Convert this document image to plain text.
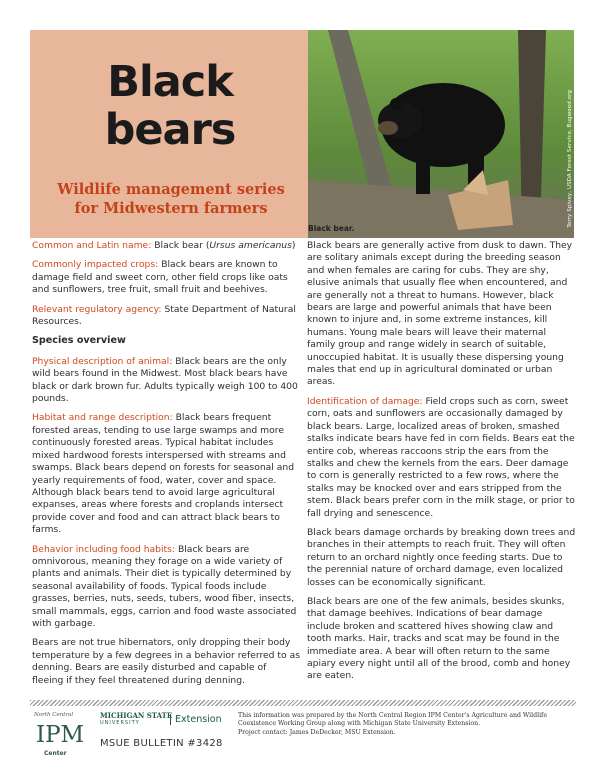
Black
bears
Wildlife management series
for Midwestern farmers	Terry Spivey, USDA Forest Service, Bugwood.org
Black bear.

Common and Latin name: Black bear (Ursus americanus)

Commonly impacted crops: Black bears are known to damage field and sweet corn, other field crops like oats and sunflowers, tree fruit, small fruit and beehives.

Relevant regulatory agency: State Department of Natural Resources.

Species overview

Physical description of animal: Black bears are the only wild bears found in the Midwest. Most black bears have black or dark brown fur. Adults typically weigh 100 to 400 pounds.

Habitat and range description: Black bears frequent forested areas, tending to use large swamps and more continuously forested areas. Typical habitat includes mixed hardwood forests interspersed with streams and swamps. Black bears depend on forests for seasonal and yearly requirements of food, water, cover and space. Although black bears tend to avoid large agricultural expanses, areas where forests and croplands intersect provide cover and food and can attract black bears to farms.

Behavior including food habits: Black bears are omnivorous, meaning they forage on a wide variety of plants and animals. Their diet is typically determined by seasonal availability of foods. Typical foods include grasses, berries, nuts, seeds, tubers, wood fiber, insects, small mammals, eggs, carrion and food waste associated with garbage.

Bears are not true hibernators, only dropping their body temperature by a few degrees in a behavior referred to as denning. Bears are easily disturbed and capable of fleeing if they feel threatened during denning.

Black bears are generally active from dusk to dawn. They are solitary animals except during the breeding season and when females are caring for cubs. They are shy, elusive animals that usually flee when encountered, and are generally not a threat to humans. However, black bears are large and powerful animals that have been known to injure and, in some extreme instances, kill humans. Young male bears will leave their maternal family group and range widely in search of suitable, unoccupied habitat. It is usually these dispersing young males that end up in agricultural dominated or urban areas.

Identification of damage: Field crops such as corn, sweet corn, oats and sunflowers are occasionally damaged by black bears. Large, localized areas of broken, smashed stalks indicate bears have fed in corn fields. Bears eat the entire cob, whereas raccoons strip the ears from the stalks and chew the kernels from the ears. Deer damage to corn is generally restricted to a few rows, where the stalks may be knocked over and ears stripped from the stem. Black bears prefer corn in the milk stage, or prior to fall drying and senescence.

Black bears damage orchards by breaking down trees and branches in their attempts to reach fruit. They will often return to an orchard nightly once feeding starts. Due to the perennial nature of orchard damage, even localized losses can be economically significant.

Black bears are one of the few animals, besides skunks, that damage beehives. Indications of bear damage include broken and scattered hives showing claw and tooth marks. Hair, tracks and scat may be found in the immediate area. A bear will often return to the same apiary every night until all of the brood, comb and honey are eaten.

North Central
IPM
Center
MICHIGAN STATE
UNIVERSITY	Extension
MSUE BULLETIN #3428
This information was prepared by the North Central Region IPM Center's Agriculture and Wildlife Coexistence Working Group along with Michigan State University Extension.
Project contact: James DeDecker, MSU Extension.
